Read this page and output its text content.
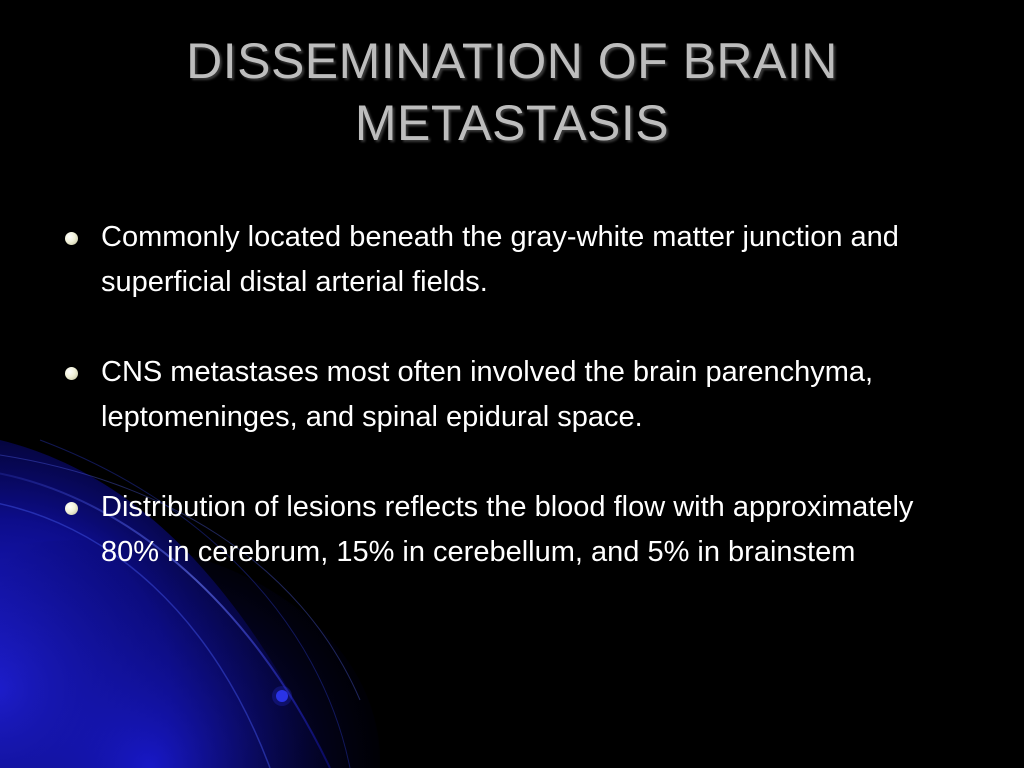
DISSEMINATION OF BRAIN METASTASIS
Commonly located beneath the gray-white matter junction and superficial distal arterial fields.
CNS metastases most often involved the brain parenchyma, leptomeninges, and spinal epidural space.
Distribution of lesions reflects the blood flow with approximately 80% in cerebrum, 15% in cerebellum, and 5% in brainstem
